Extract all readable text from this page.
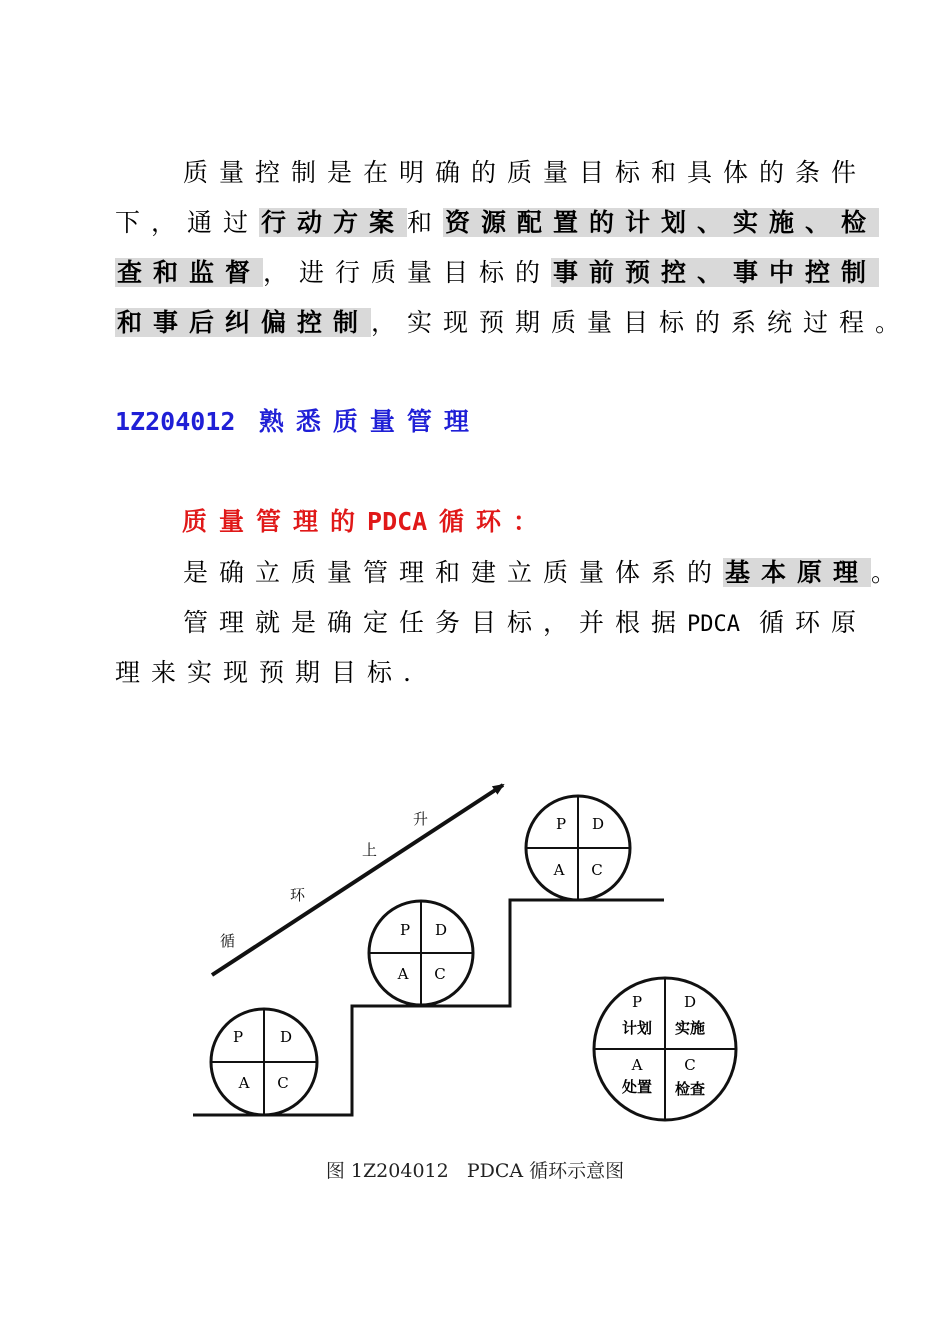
质量控制是在明确的质量目标和具体的条件
下，通过行动方案和资源配置的计划、实施、检
查和监督，进行质量目标的事前预控、事中控制
和事后纠偏控制，实现预期质量目标的系统过程。
1Z204012 熟悉质量管理
质量管理的PDCA 循环：
是确立质量管理和建立质量体系的基本原理。
管理就是确定任务目标，并根据PDCA 循环原
理来实现预期目标.
循
环
上
升
P D
A C
P D
A C
P D
A C
P
计划
D
实施
A
处置
C
检查
图 1Z204012   PDCA 循环示意图
